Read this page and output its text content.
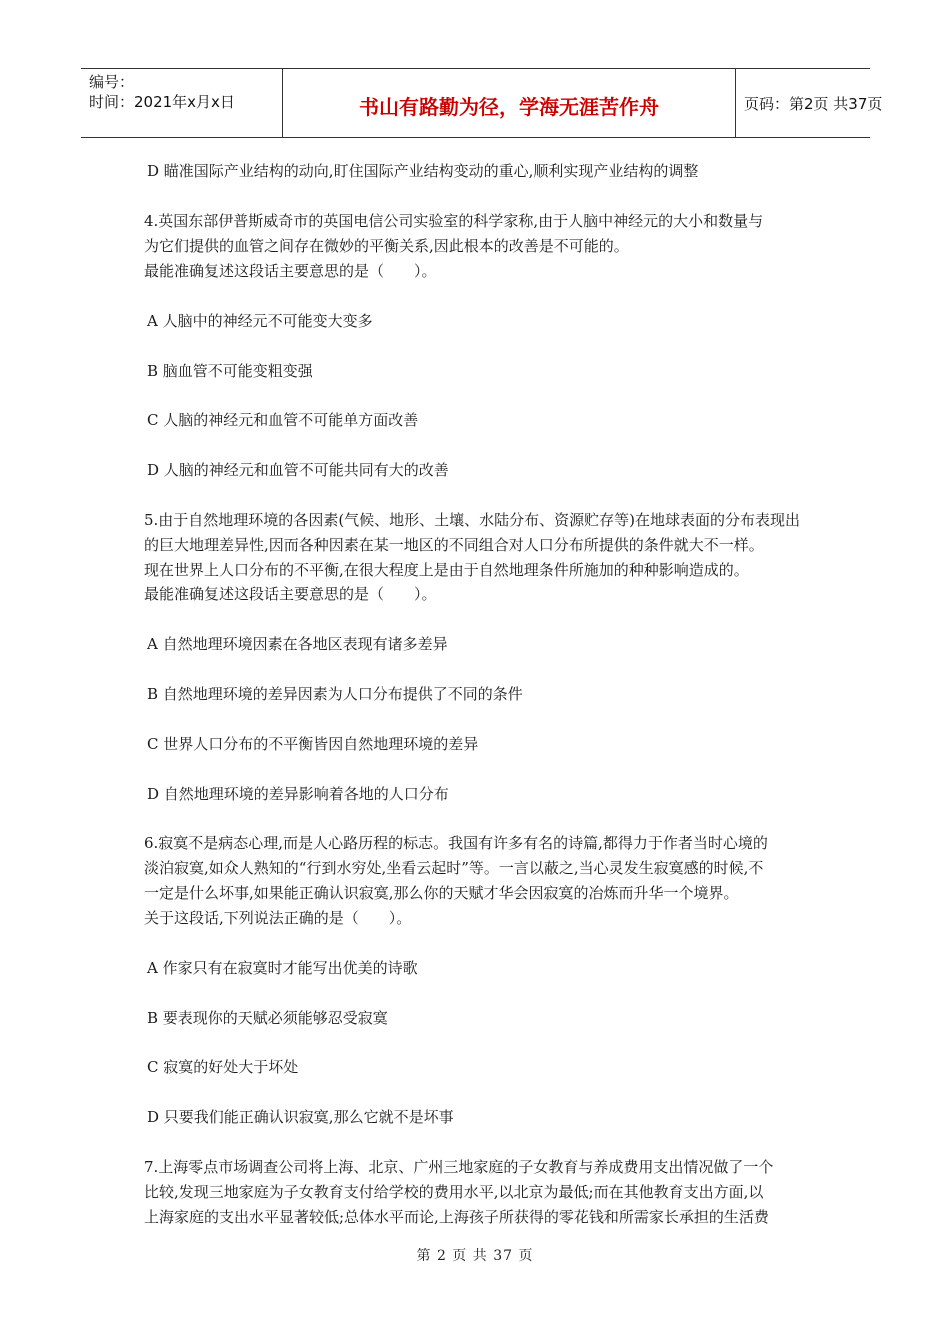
编号：
时间：2021年x月x日	书山有路勤为径，学海无涯苦作舟	页码：第2页 共37页
D 瞄准国际产业结构的动向,盯住国际产业结构变动的重心,顺利实现产业结构的调整
4.英国东部伊普斯威奇市的英国电信公司实验室的科学家称,由于人脑中神经元的大小和数量与
为它们提供的血管之间存在微妙的平衡关系,因此根本的改善是不可能的。
最能准确复述这段话主要意思的是（　　）。
A 人脑中的神经元不可能变大变多
B 脑血管不可能变粗变强
C 人脑的神经元和血管不可能单方面改善
D 人脑的神经元和血管不可能共同有大的改善
5.由于自然地理环境的各因素(气候、地形、土壤、水陆分布、资源贮存等)在地球表面的分布表现出
的巨大地理差异性,因而各种因素在某一地区的不同组合对人口分布所提供的条件就大不一样。
现在世界上人口分布的不平衡,在很大程度上是由于自然地理条件所施加的种种影响造成的。
最能准确复述这段话主要意思的是（　　）。
A 自然地理环境因素在各地区表现有诸多差异
B 自然地理环境的差异因素为人口分布提供了不同的条件
C 世界人口分布的不平衡皆因自然地理环境的差异
D 自然地理环境的差异影响着各地的人口分布
6.寂寞不是病态心理,而是人心路历程的标志。我国有许多有名的诗篇,都得力于作者当时心境的
淡泊寂寞,如众人熟知的“行到水穷处,坐看云起时”等。一言以蔽之,当心灵发生寂寞感的时候,不
一定是什么坏事,如果能正确认识寂寞,那么你的天赋才华会因寂寞的冶炼而升华一个境界。
关于这段话,下列说法正确的是（　　）。
A 作家只有在寂寞时才能写出优美的诗歌
B 要表现你的天赋必须能够忍受寂寞
C 寂寞的好处大于坏处
D 只要我们能正确认识寂寞,那么它就不是坏事
7.上海零点市场调查公司将上海、北京、广州三地家庭的子女教育与养成费用支出情况做了一个
比较,发现三地家庭为子女教育支付给学校的费用水平,以北京为最低;而在其他教育支出方面,以
上海家庭的支出水平显著较低;总体水平而论,上海孩子所获得的零花钱和所需家长承担的生活费
第 2 页 共 37 页
